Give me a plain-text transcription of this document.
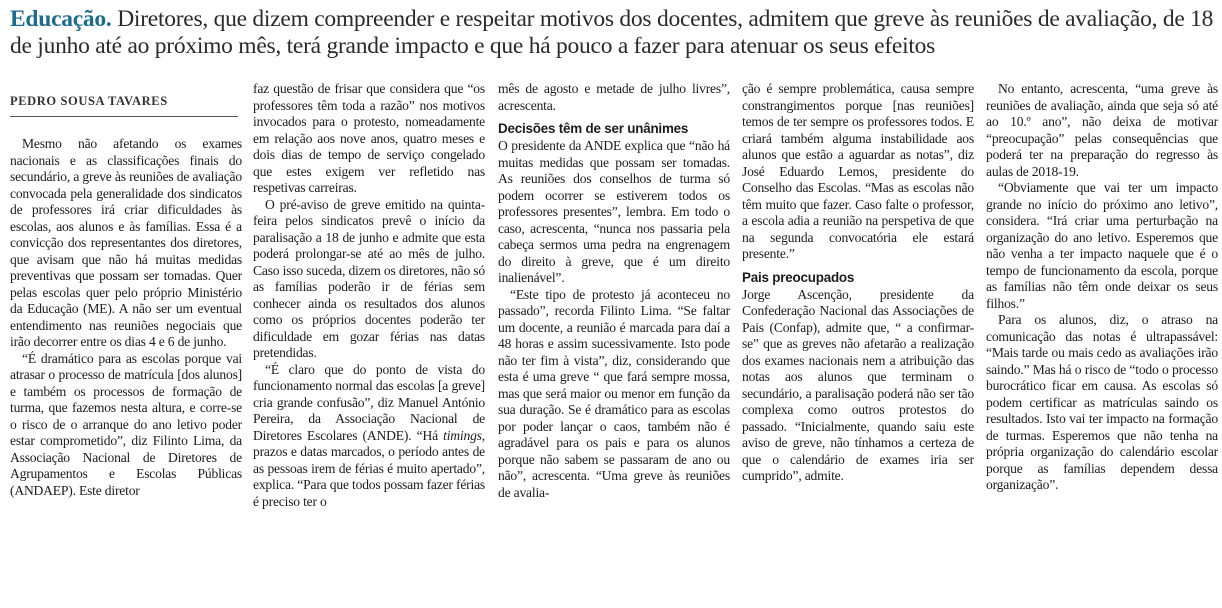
Educação. Diretores, que dizem compreender e respeitar motivos dos docentes, admitem que greve às reuniões de avaliação, de 18 de junho até ao próximo mês, terá grande impacto e que há pouco a fazer para atenuar os seus efeitos
PEDRO SOUSA TAVARES

Mesmo não afetando os exames nacionais e as classificações finais do secundário, a greve às reuniões de avaliação convocada pela generalidade dos sindicatos de professores irá criar dificuldades às escolas, aos alunos e às famílias. Essa é a convicção dos representantes dos diretores, que avisam que não há muitas medidas preventivas que possam ser tomadas. Quer pelas escolas quer pelo próprio Ministério da Educação (ME). A não ser um eventual entendimento nas reuniões negociais que irão decorrer entre os dias 4 e 6 de junho.

“É dramático para as escolas porque vai atrasar o processo de matrícula [dos alunos] e também os processos de formação de turma, que fazemos nesta altura, e corre-se o risco de o arranque do ano letivo poder estar comprometido”, diz Filinto Lima, da Associação Nacional de Diretores de Agrupamentos e Escolas Públicas (ANDAEP). Este diretor

faz questão de frisar que considera que “os professores têm toda a razão” nos motivos invocados para o protesto, nomeadamente em relação aos nove anos, quatro meses e dois dias de tempo de serviço congelado que estes exigem ver refletido nas respetivas carreiras.

O pré-aviso de greve emitido na quinta-feira pelos sindicatos prevê o início da paralisação a 18 de junho e admite que esta poderá prolongar-se até ao mês de julho. Caso isso suceda, dizem os diretores, não só as famílias poderão ir de férias sem conhecer ainda os resultados dos alunos como os próprios docentes poderão ter dificuldade em gozar férias nas datas pretendidas.

“É claro que do ponto de vista do funcionamento normal das escolas [a greve] cria grande confusão”, diz Manuel António Pereira, da Associação Nacional de Diretores Escolares (ANDE). “Há timings, prazos e datas marcados, o período antes de as pessoas irem de férias é muito apertado”, explica. “Para que todos possam fazer férias é preciso ter o

mês de agosto e metade de julho livres”, acrescenta.

Decisões têm de ser unânimes

O presidente da ANDE explica que “não há muitas medidas que possam ser tomadas. As reuniões dos conselhos de turma só podem ocorrer se estiverem todos os professores presentes”, lembra. Em todo o caso, acrescenta, “nunca nos passaria pela cabeça sermos uma pedra na engrenagem do direito à greve, que é um direito inalienável”.

“Este tipo de protesto já aconteceu no passado”, recorda Filinto Lima. “Se faltar um docente, a reunião é marcada para daí a 48 horas e assim sucessivamente. Isto pode não ter fim à vista”, diz, considerando que esta é uma greve “ que fará sempre mossa, mas que será maior ou menor em função da sua duração. Se é dramático para as escolas por poder lançar o caos, também não é agradável para os pais e para os alunos porque não sabem se passaram de ano ou não”, acrescenta. “Uma greve às reuniões de avalia-

ção é sempre problemática, causa sempre constrangimentos porque [nas reuniões] temos de ter sempre os professores todos. E criará também alguma instabilidade aos alunos que estão a aguardar as notas”, diz José Eduardo Lemos, presidente do Conselho das Escolas. “Mas as escolas não têm muito que fazer. Caso falte o professor, a escola adia a reunião na perspetiva de que na segunda convocatória ele estará presente.”

Pais preocupados

Jorge Ascenção, presidente da Confederação Nacional das Associações de Pais (Confap), admite que, “ a confirmar-se” que as greves não afetarão a realização dos exames nacionais nem a atribuição das notas aos alunos que terminam o secundário, a paralisação poderá não ser tão complexa como outros protestos do passado. “Inicialmente, quando saiu este aviso de greve, não tínhamos a certeza de que o calendário de exames iria ser cumprido”, admite.

No entanto, acrescenta, “uma greve às reuniões de avaliação, ainda que seja só até ao 10.º ano”, não deixa de motivar “preocupação” pelas consequências que poderá ter na preparação do regresso às aulas de 2018-19.

“Obviamente que vai ter um impacto grande no início do próximo ano letivo”, considera. “Irá criar uma perturbação na organização do ano letivo. Esperemos que não venha a ter impacto naquele que é o tempo de funcionamento da escola, porque as famílias não têm onde deixar os seus filhos.”

Para os alunos, diz, o atraso na comunicação das notas é ultrapassável: “Mais tarde ou mais cedo as avaliações irão saindo.” Mas há o risco de “todo o processo burocrático ficar em causa. As escolas só podem certificar as matrículas saindo os resultados. Isto vai ter impacto na formação de turmas. Esperemos que não tenha na própria organização do calendário escolar porque as famílias dependem dessa organização”.
